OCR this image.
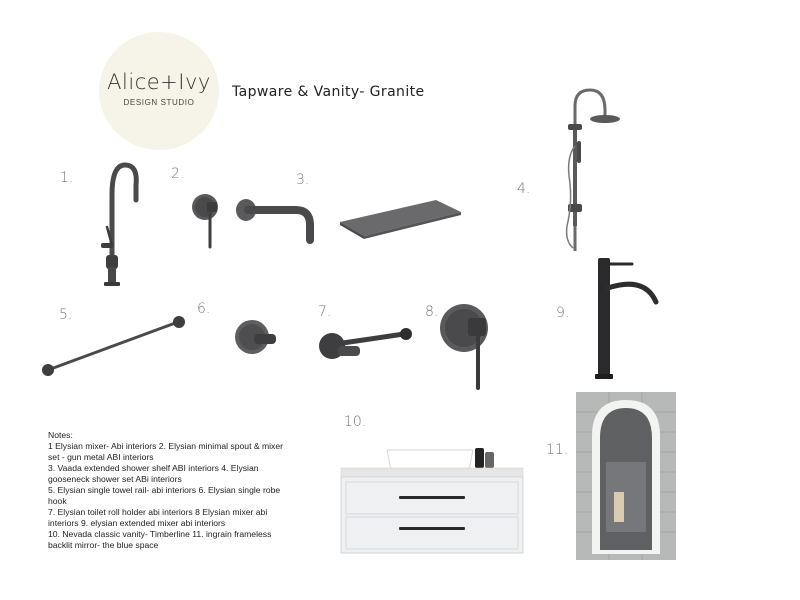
Alice+Ivy
DESIGN STUDIO
Tapware & Vanity- Granite
1.	2.	3.
4.
5.	6.	7.	8.	9.
10.
11.
Notes:
1 Elysian mixer- Abi interiors 2. Elysian minimal spout & mixer
set - gun metal ABI interiors
3. Vaada extended shower shelf ABI interiors 4. Elysian
gooseneck shower set ABi interiors
5. Elysian single towel rail- abi interiors 6. Elysian single robe
hook
7. Elysian toilet roll holder abi interiors 8 Elysian mixer abi
interiors 9. elysian extended mixer abi interiors
10. Nevada classic vanity- Timberline 11. ingrain frameless
backlit mirror- the blue space
